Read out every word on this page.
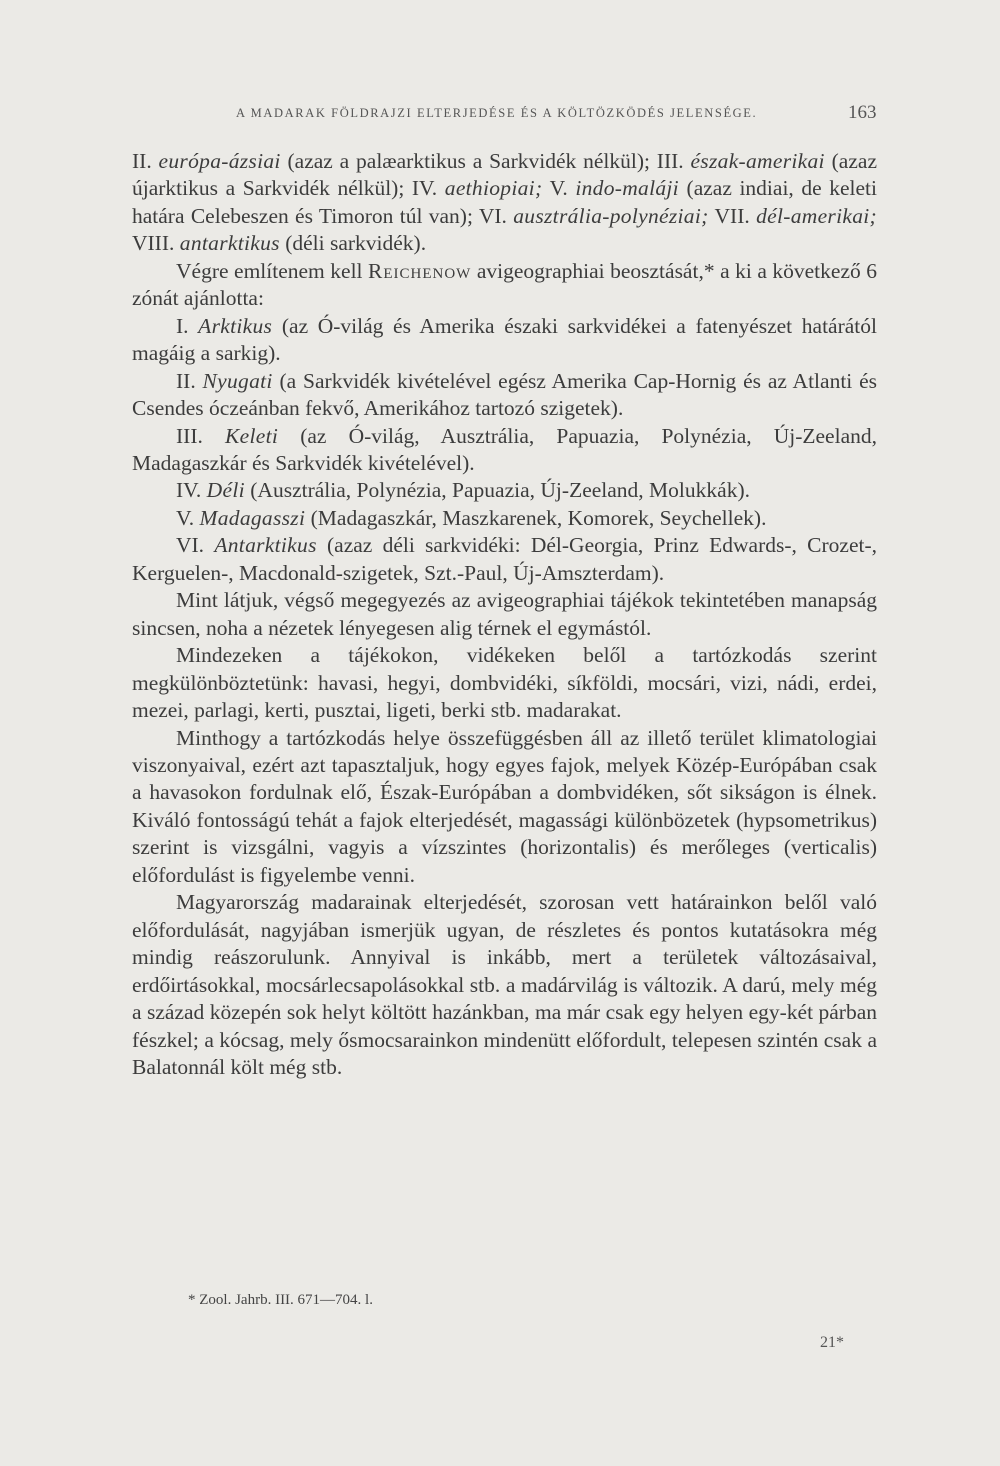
A MADARAK FÖLDRAJZI ELTERJEDÉSE ÉS A KÖLTÖZKÖDÉS JELENSÉGE.	163

II. európa-ázsiai (azaz a palæarktikus a Sarkvidék nélkül); III. észak-amerikai (azaz újarktikus a Sarkvidék nélkül); IV. aethiopiai; V. indo-maláji (azaz indiai, de keleti határa Celebeszen és Timoron túl van); VI. ausztrália-polynéziai; VII. dél-amerikai; VIII. antarktikus (déli sarkvidék).

Végre említenem kell Reichenow avigeographiai beosztását,* a ki a következő 6 zónát ajánlotta:

I. Arktikus (az Ó-világ és Amerika északi sarkvidékei a fatenyészet határától magáig a sarkig).

II. Nyugati (a Sarkvidék kivételével egész Amerika Cap-Hornig és az Atlanti és Csendes óczeánban fekvő, Amerikához tartozó szigetek).

III. Keleti (az Ó-világ, Ausztrália, Papuazia, Polynézia, Új-Zeeland, Madagaszkár és Sarkvidék kivételével).

IV. Déli (Ausztrália, Polynézia, Papuazia, Új-Zeeland, Molukkák).

V. Madagasszi (Madagaszkár, Maszkarenek, Komorek, Seychellek).

VI. Antarktikus (azaz déli sarkvidéki: Dél-Georgia, Prinz Edwards-, Crozet-, Kerguelen-, Macdonald-szigetek, Szt.-Paul, Új-Amszterdam).

Mint látjuk, végső megegyezés az avigeographiai tájékok tekintetében manapság sincsen, noha a nézetek lényegesen alig térnek el egymástól.

Mindezeken a tájékokon, vidékeken belől a tartózkodás szerint megkülönböztetünk: havasi, hegyi, dombvidéki, síkföldi, mocsári, vizi, nádi, erdei, mezei, parlagi, kerti, pusztai, ligeti, berki stb. madarakat.

Minthogy a tartózkodás helye összefüggésben áll az illető terület klimatologiai viszonyaival, ezért azt tapasztaljuk, hogy egyes fajok, melyek Közép-Európában csak a havasokon fordulnak elő, Észak-Európában a dombvidéken, sőt sikságon is élnek. Kiváló fontosságú tehát a fajok elterjedését, magassági különbözetek (hypsometrikus) szerint is vizsgálni, vagyis a vízszintes (horizontalis) és merőleges (verticalis) előfordulást is figyelembe venni.

Magyarország madarainak elterjedését, szorosan vett határainkon belől való előfordulását, nagyjában ismerjük ugyan, de részletes és pontos kutatásokra még mindig reászorulunk. Annyival is inkább, mert a területek változásaival, erdőirtásokkal, mocsárlecsapolásokkal stb. a madárvilág is változik. A darú, mely még a század közepén sok helyt költött hazánkban, ma már csak egy helyen egy-két párban fészkel; a kócsag, mely ősmocsarainkon mindenütt előfordult, telepesen szintén csak a Balatonnál költ még stb.

* Zool. Jahrb. III. 671—704. l.
21*
